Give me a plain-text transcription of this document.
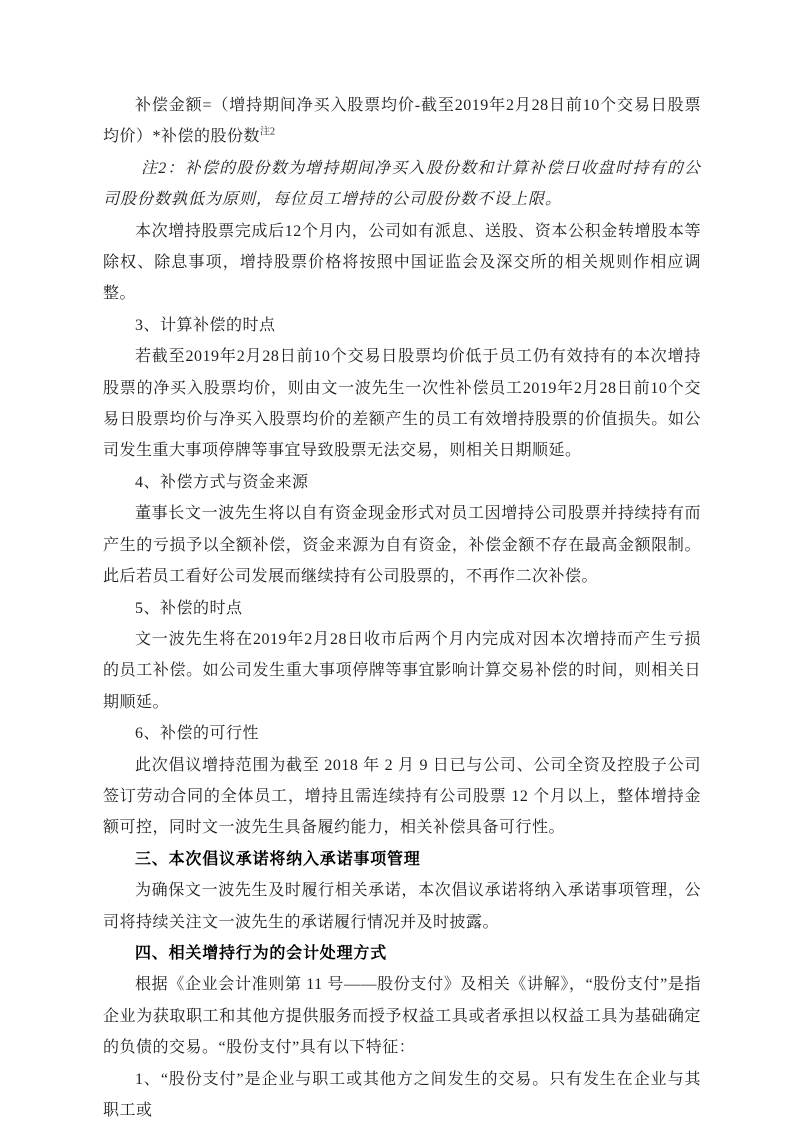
补偿金额=（增持期间净买入股票均价-截至2019年2月28日前10个交易日股票均价）*补偿的股份数$^{注2}$

注2：补偿的股份数为增持期间净买入股份数和计算补偿日收盘时持有的公司股份数孰低为原则，每位员工增持的公司股份数不设上限。

本次增持股票完成后12个月内，公司如有派息、送股、资本公积金转增股本等除权、除息事项，增持股票价格将按照中国证监会及深交所的相关规则作相应调整。

3、计算补偿的时点

若截至2019年2月28日前10个交易日股票均价低于员工仍有效持有的本次增持股票的净买入股票均价，则由文一波先生一次性补偿员工2019年2月28日前10个交易日股票均价与净买入股票均价的差额产生的员工有效增持股票的价值损失。如公司发生重大事项停牌等事宜导致股票无法交易，则相关日期顺延。

4、补偿方式与资金来源

董事长文一波先生将以自有资金现金形式对员工因增持公司股票并持续持有而产生的亏损予以全额补偿，资金来源为自有资金，补偿金额不存在最高金额限制。此后若员工看好公司发展而继续持有公司股票的，不再作二次补偿。

5、补偿的时点

文一波先生将在2019年2月28日收市后两个月内完成对因本次增持而产生亏损的员工补偿。如公司发生重大事项停牌等事宜影响计算交易补偿的时间，则相关日期顺延。

6、补偿的可行性

此次倡议增持范围为截至 2018 年 2 月 9 日已与公司、公司全资及控股子公司签订劳动合同的全体员工，增持且需连续持有公司股票 12 个月以上，整体增持金额可控，同时文一波先生具备履约能力，相关补偿具备可行性。

三、本次倡议承诺将纳入承诺事项管理

为确保文一波先生及时履行相关承诺，本次倡议承诺将纳入承诺事项管理，公司将持续关注文一波先生的承诺履行情况并及时披露。

四、相关增持行为的会计处理方式

根据《企业会计准则第 11 号——股份支付》及相关《讲解》，“股份支付”是指企业为获取职工和其他方提供服务而授予权益工具或者承担以权益工具为基础确定的负债的交易。“股份支付”具有以下特征：

1、“股份支付”是企业与职工或其他方之间发生的交易。只有发生在企业与其职工或
